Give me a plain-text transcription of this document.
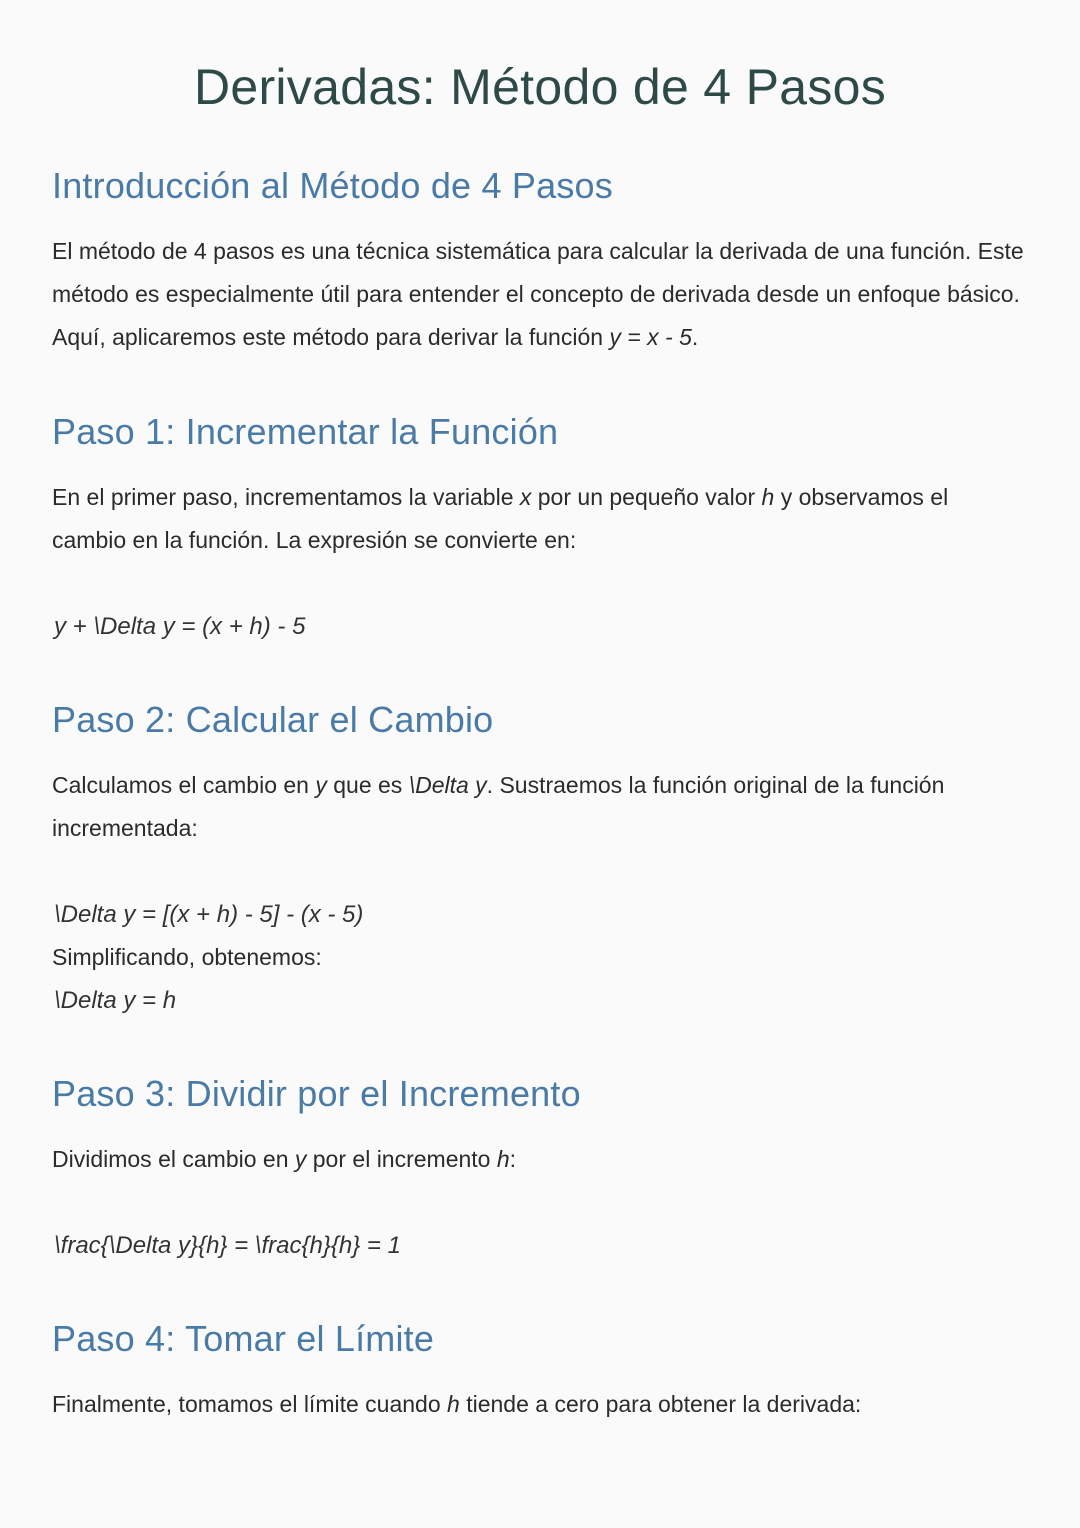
Derivadas: Método de 4 Pasos
Introducción al Método de 4 Pasos

El método de 4 pasos es una técnica sistemática para calcular la derivada de una función. Este método es especialmente útil para entender el concepto de derivada desde un enfoque básico. Aquí, aplicaremos este método para derivar la función y = x - 5.

Paso 1: Incrementar la Función

En el primer paso, incrementamos la variable x por un pequeño valor h y observamos el cambio en la función. La expresión se convierte en:

y + \Delta y = (x + h) - 5

Paso 2: Calcular el Cambio

Calculamos el cambio en y que es \Delta y. Sustraemos la función original de la función incrementada:

\Delta y = [(x + h) - 5] - (x - 5)

Simplificando, obtenemos:

\Delta y = h

Paso 3: Dividir por el Incremento

Dividimos el cambio en y por el incremento h:

\frac{\Delta y}{h} = \frac{h}{h} = 1

Paso 4: Tomar el Límite

Finalmente, tomamos el límite cuando h tiende a cero para obtener la derivada:
